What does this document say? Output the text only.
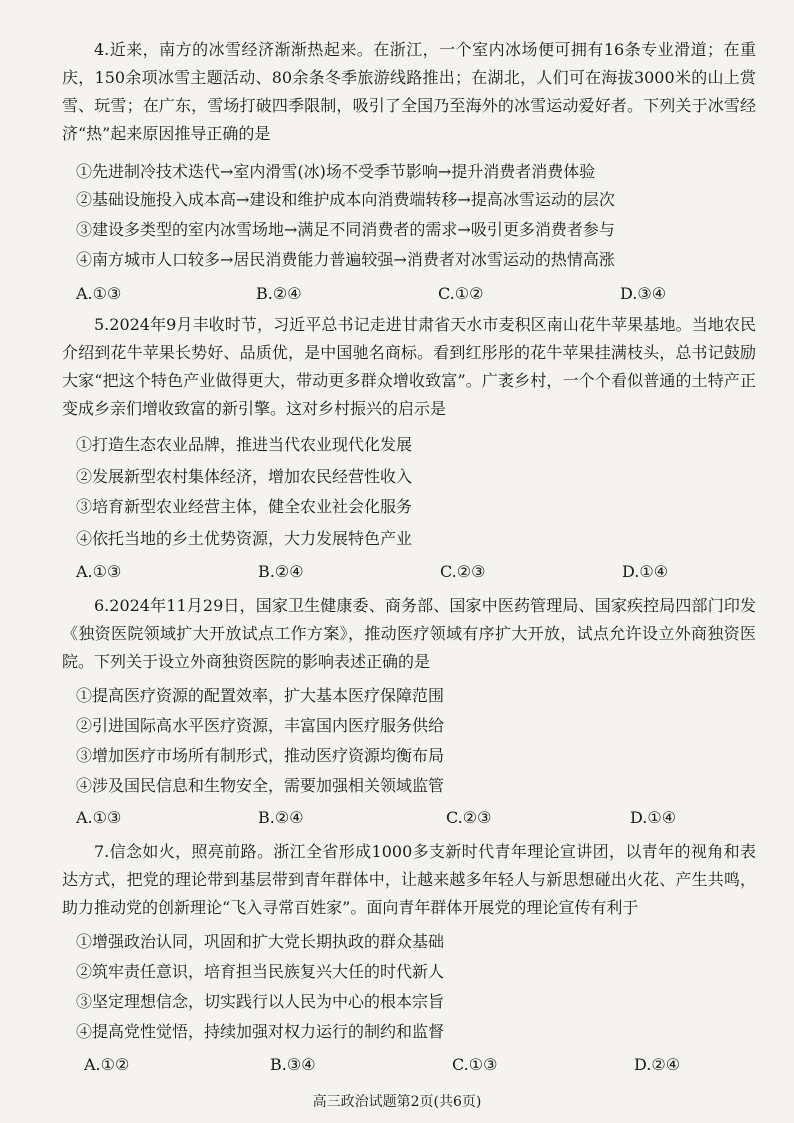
4.近来，南方的冰雪经济渐渐热起来。在浙江，一个室内冰场便可拥有16条专业滑道；在重庆，150余项冰雪主题活动、80余条冬季旅游线路推出；在湖北，人们可在海拔3000米的山上赏雪、玩雪；在广东，雪场打破四季限制，吸引了全国乃至海外的冰雪运动爱好者。下列关于冰雪经济“热”起来原因推导正确的是
①先进制冷技术迭代→室内滑雪(冰)场不受季节影响→提升消费者消费体验
②基础设施投入成本高→建设和维护成本向消费端转移→提高冰雪运动的层次
③建设多类型的室内冰雪场地→满足不同消费者的需求→吸引更多消费者参与
④南方城市人口较多→居民消费能力普遍较强→消费者对冰雪运动的热情高涨
A.①③	B.②④	C.①②	D.③④
5.2024年9月丰收时节，习近平总书记走进甘肃省天水市麦积区南山花牛苹果基地。当地农民介绍到花牛苹果长势好、品质优，是中国驰名商标。看到红彤彤的花牛苹果挂满枝头，总书记鼓励大家“把这个特色产业做得更大，带动更多群众增收致富”。广袤乡村，一个个看似普通的土特产正变成乡亲们增收致富的新引擎。这对乡村振兴的启示是
①打造生态农业品牌，推进当代农业现代化发展
②发展新型农村集体经济，增加农民经营性收入
③培育新型农业经营主体，健全农业社会化服务
④依托当地的乡土优势资源，大力发展特色产业
A.①③	B.②④	C.②③	D.①④
6.2024年11月29日，国家卫生健康委、商务部、国家中医药管理局、国家疾控局四部门印发《独资医院领域扩大开放试点工作方案》，推动医疗领域有序扩大开放，试点允许设立外商独资医院。下列关于设立外商独资医院的影响表述正确的是
①提高医疗资源的配置效率，扩大基本医疗保障范围
②引进国际高水平医疗资源，丰富国内医疗服务供给
③增加医疗市场所有制形式，推动医疗资源均衡布局
④涉及国民信息和生物安全，需要加强相关领域监管
A.①③	B.②④	C.②③	D.①④
7.信念如火，照亮前路。浙江全省形成1000多支新时代青年理论宣讲团，以青年的视角和表达方式，把党的理论带到基层带到青年群体中，让越来越多年轻人与新思想碰出火花、产生共鸣，助力推动党的创新理论“飞入寻常百姓家”。面向青年群体开展党的理论宣传有利于
①增强政治认同，巩固和扩大党长期执政的群众基础
②筑牢责任意识，培育担当民族复兴大任的时代新人
③坚定理想信念，切实践行以人民为中心的根本宗旨
④提高党性觉悟，持续加强对权力运行的制约和监督
A.①②	B.③④	C.①③	D.②④
高三政治试题第2页(共6页)
